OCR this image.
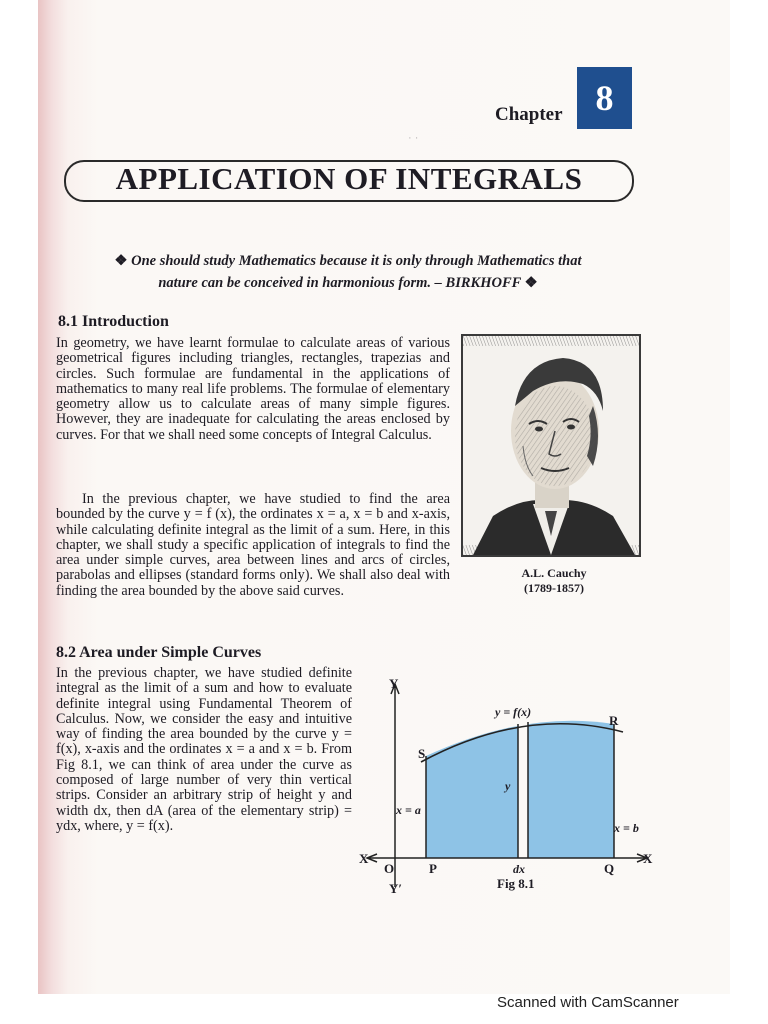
· ·
Chapter 8
APPLICATION OF INTEGRALS
❖ One should study Mathematics because it is only through Mathematics that
nature can be conceived in harmonious form. – BIRKHOFF ❖
8.1 Introduction
In geometry, we have learnt formulae to calculate areas of various geometrical figures including triangles, rectangles, trapezias and circles. Such formulae are fundamental in the applications of mathematics to many real life problems. The formulae of elementary geometry allow us to calculate areas of many simple figures. However, they are inadequate for calculating the areas enclosed by curves. For that we shall need some concepts of Integral Calculus.
In the previous chapter, we have studied to find the area bounded by the curve y = f (x), the ordinates x = a, x = b and x-axis, while calculating definite integral as the limit of a sum. Here, in this chapter, we shall study a specific application of integrals to find the area under simple curves, area between lines and arcs of circles, parabolas and ellipses (standard forms only). We shall also deal with finding the area bounded by the above said curves.
A.L. Cauchy
(1789-1857)
8.2 Area under Simple Curves
In the previous chapter, we have studied definite integral as the limit of a sum and how to evaluate definite integral using Fundamental Theorem of Calculus. Now, we consider the easy and intuitive way of finding the area bounded by the curve y = f(x), x-axis and the ordinates x = a and x = b. From Fig 8.1, we can think of area under the curve as composed of large number of very thin vertical strips. Consider an arbitrary strip of height y and width dx, then dA (area of the elementary strip) = ydx, where, y = f(x).
Y
Y′
X
X
O
y = f(x)
S
R
P	Q
x = a
x = b
y
dx
Fig 8.1
Scanned with CamScanner
